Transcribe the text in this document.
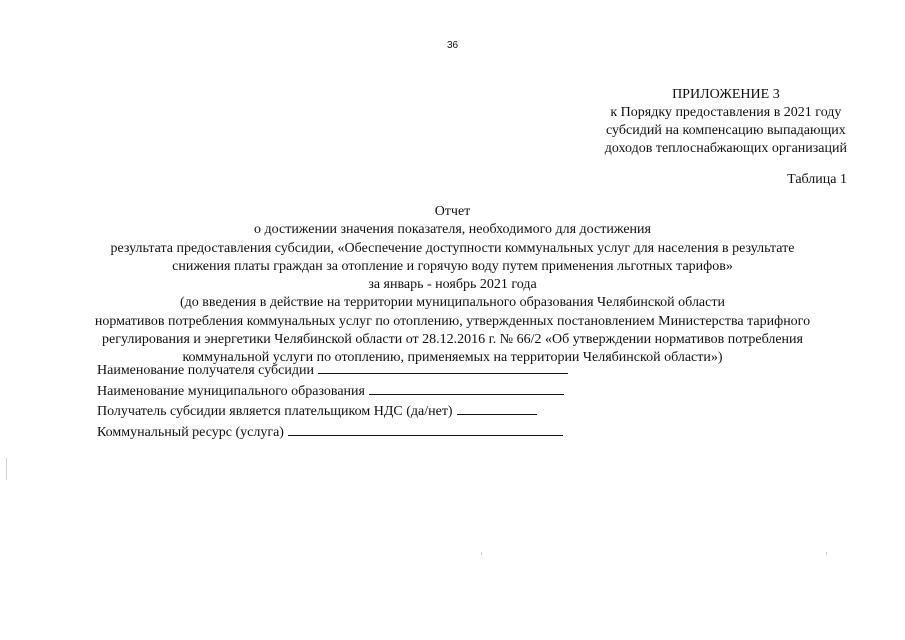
36
ПРИЛОЖЕНИЕ 3
к Порядку предоставления в 2021 году
субсидий на компенсацию выпадающих
доходов теплоснабжающих организаций
Таблица 1
Отчет
о достижении значения показателя, необходимого для достижения
результата предоставления субсидии, «Обеспечение доступности коммунальных услуг для населения в результате
снижения платы граждан за отопление и горячую воду путем применения льготных тарифов»
за январь - ноябрь 2021 года
(до введения в действие на территории муниципального образования Челябинской области
нормативов потребления коммунальных услуг по отоплению, утвержденных постановлением Министерства тарифного
регулирования и энергетики Челябинской области от 28.12.2016 г. № 66/2 «Об утверждении нормативов потребления
коммунальной услуги по отоплению, применяемых на территории Челябинской области»)
Наименование получателя субсидии
Наименование муниципального образования
Получатель субсидии является плательщиком НДС (да/нет)
Коммунальный ресурс (услуга)
